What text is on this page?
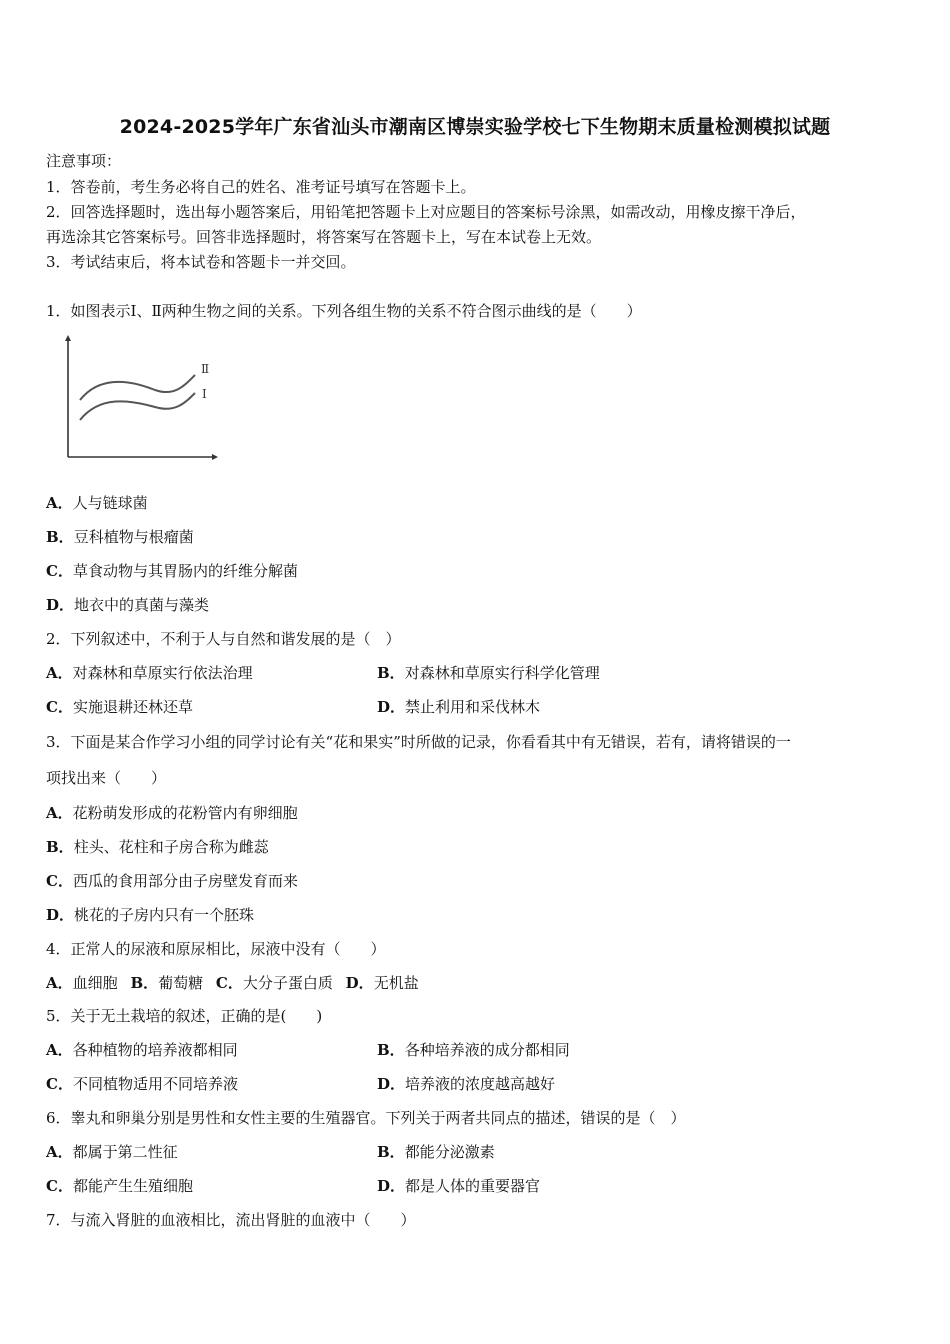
2024-2025学年广东省汕头市潮南区博崇实验学校七下生物期末质量检测模拟试题
注意事项：
1．答卷前，考生务必将自己的姓名、准考证号填写在答题卡上。
2．回答选择题时，选出每小题答案后，用铅笔把答题卡上对应题目的答案标号涂黑，如需改动，用橡皮擦干净后，
再选涂其它答案标号。回答非选择题时，将答案写在答题卡上，写在本试卷上无效。
3．考试结束后，将本试卷和答题卡一并交回。
1．如图表示Ⅰ、Ⅱ两种生物之间的关系。下列各组生物的关系不符合图示曲线的是（　　）
Ⅱ
Ⅰ
A．人与链球菌
B．豆科植物与根瘤菌
C．草食动物与其胃肠内的纤维分解菌
D．地衣中的真菌与藻类
2．下列叙述中，不利于人与自然和谐发展的是（　）
A．对森林和草原实行依法治理	B．对森林和草原实行科学化管理
C．实施退耕还林还草	D．禁止利用和采伐林木
3．下面是某合作学习小组的同学讨论有关“花和果实”时所做的记录，你看看其中有无错误，若有，请将错误的一
项找出来（　　）
A．花粉萌发形成的花粉管内有卵细胞
B．柱头、花柱和子房合称为雌蕊
C．西瓜的食用部分由子房壁发育而来
D．桃花的子房内只有一个胚珠
4．正常人的尿液和原尿相比，尿液中没有（　　）
A．血细胞 B．葡萄糖 C．大分子蛋白质 D．无机盐
5．关于无土栽培的叙述，正确的是(　　)
A．各种植物的培养液都相同	B．各种培养液的成分都相同
C．不同植物适用不同培养液	D．培养液的浓度越高越好
6．睾丸和卵巢分别是男性和女性主要的生殖器官。下列关于两者共同点的描述，错误的是（　）
A．都属于第二性征	B．都能分泌激素
C．都能产生生殖细胞	D．都是人体的重要器官
7．与流入肾脏的血液相比，流出肾脏的血液中（　　）
